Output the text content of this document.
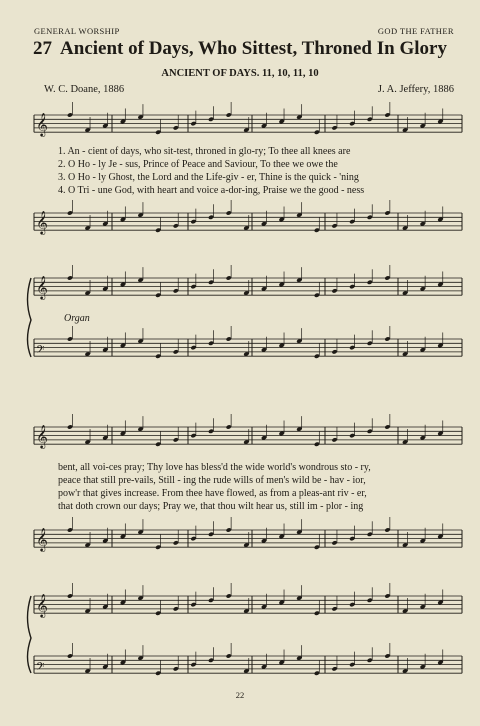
GENERAL WORSHIP	GOD THE FATHER
27 Ancient of Days, Who Sittest, Throned In Glory
ANCIENT OF DAYS. 11, 10, 11, 10
W. C. Doane, 1886	J. A. Jeffery, 1886
𝄞
𝄞
𝄞
𝄢
𝄞
𝄞
𝄞
𝄢
1. An - cient of days, who sit-test, throned in glo-ry; To thee all knees are
2. O Ho - ly Je - sus, Prince of Peace and Saviour, To thee we owe the
3. O Ho - ly Ghost, the Lord and the Life-giv - er, Thine is the quick - 'ning
4. O Tri - une God, with heart and voice a-dor-ing, Praise we the good - ness
Organ
bent, all voi-ces pray; Thy love has bless'd the wide world's wondrous sto - ry,
peace that still pre-vails, Still - ing the rude wills of men's wild be - hav - ior,
pow'r that gives increase. From thee have flowed, as from a pleas-ant riv - er,
that doth crown our days; Pray we, that thou wilt hear us, still im - plor - ing
22
